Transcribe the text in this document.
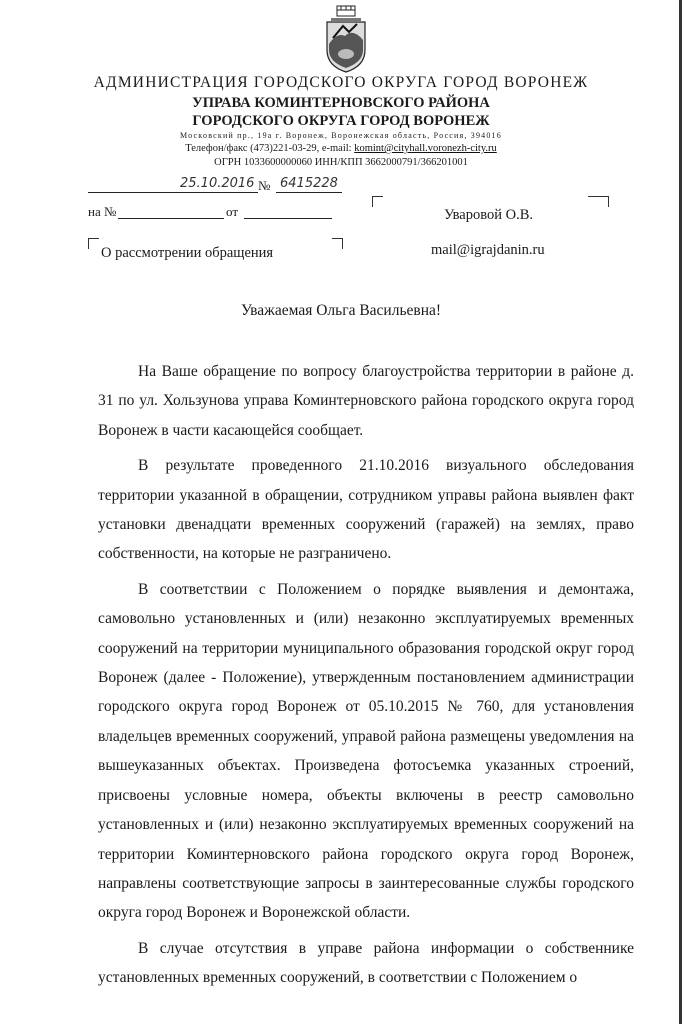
АДМИНИСТРАЦИЯ ГОРОДСКОГО ОКРУГА ГОРОД ВОРОНЕЖ
УПРАВА КОМИНТЕРНОВСКОГО РАЙОНА
ГОРОДСКОГО ОКРУГА ГОРОД ВОРОНЕЖ
Московский пр., 19а г. Воронеж, Воронежская область, Россия, 394016
Телефон/факс (473)221-03-29, e-mail: komint@cityhall.voronezh-city.ru
ОГРН 1033600000060 ИНН/КПП 3662000791/366201001
25.10.2016 № 6415228
на №	от	Уваровой О.В.
mail@igrajdanin.ru
О рассмотрении обращения
Уважаемая Ольга Васильевна!

На Ваше обращение по вопросу благоустройства территории в районе д. 31 по ул. Хользунова управа Коминтерновского района городского округа город Воронеж в части касающейся сообщает.

В результате проведенного 21.10.2016 визуального обследования территории указанной в обращении, сотрудником управы района выявлен факт установки двенадцати временных сооружений (гаражей) на землях, право собственности, на которые не разграничено.

В соответствии с Положением о порядке выявления и демонтажа, самовольно установленных и (или) незаконно эксплуатируемых временных сооружений на территории муниципального образования городской округ город Воронеж (далее - Положение), утвержденным постановлением администрации городского округа город Воронеж от 05.10.2015 № 760, для установления владельцев временных сооружений, управой района размещены уведомления на вышеуказанных объектах. Произведена фотосъемка указанных строений, присвоены условные номера, объекты включены в реестр самовольно установленных и (или) незаконно эксплуатируемых временных сооружений на территории Коминтерновского района городского округа город Воронеж, направлены соответствующие запросы в заинтересованные службы городского округа город Воронеж и Воронежской области.

В случае отсутствия в управе района информации о собственнике установленных временных сооружений, в соответствии с Положением о
